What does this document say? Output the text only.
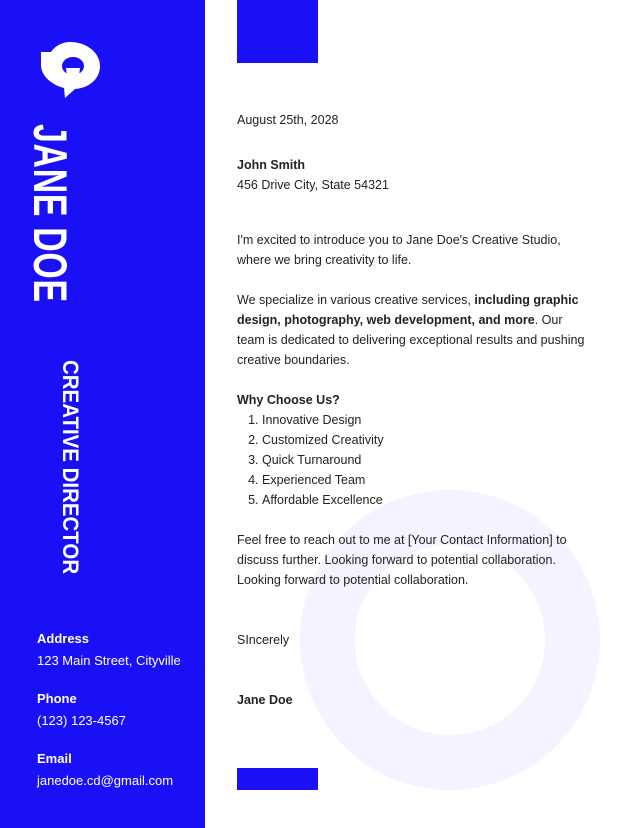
JANE DOE
CREATIVE DIRECTOR
Address
123 Main Street, Cityville
Phone
(123) 123-4567
Email
janedoe.cd@gmail.com

August 25th, 2028

John Smith

456 Drive City, State 54321

I'm excited to introduce you to Jane Doe's Creative Studio, where we bring creativity to life.

We specialize in various creative services, including graphic design, photography, web development, and more. Our team is dedicated to delivering exceptional results and pushing creative boundaries.

Why Choose Us?

1. Innovative Design
2. Customized Creativity
3. Quick Turnaround
4. Experienced Team
5. Affordable Excellence

Feel free to reach out to me at [Your Contact Information] to discuss further. Looking forward to potential collaboration. Looking forward to potential collaboration.

SIncerely

Jane Doe
